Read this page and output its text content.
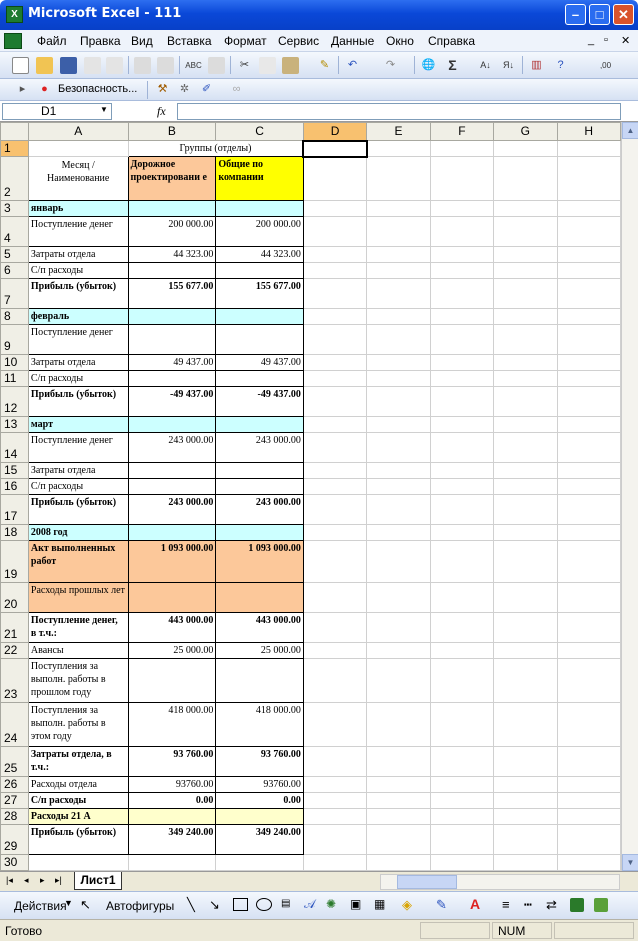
X Microsoft Excel - 111	–	□	✕
Файл Правка Вид Вставка Формат Сервис Данные Окно Справка	_ ▫ ✕
ABC	✂	✎	↶	↷	🌐 Σ	A↓	Я↓ ▥	?	,00
▸	● Безопасность...	⚒	✲	✐	∞
D1	▼	fx
	A	B	C	D	E	F	G	H
1		Группы (отделы)						
2	Месяц / Наименование	Дорожное проектировани е	Общие по компании					
3	январь							
4	Поступление денег	200 000.00	200 000.00					
5	Затраты отдела	44 323.00	44 323.00					
6	С/п расходы							
7	Прибыль (убыток)	155 677.00	155 677.00					
8	февраль							
9	Поступление денег							
10	Затраты отдела	49 437.00	49 437.00					
11	С/п расходы							
12	Прибыль (убыток)	-49 437.00	-49 437.00					
13	март							
14	Поступление денег	243 000.00	243 000.00					
15	Затраты отдела							
16	С/п расходы							
17	Прибыль (убыток)	243 000.00	243 000.00					
18	2008 год							
19	Акт выполненных работ	1 093 000.00	1 093 000.00					
20	Расходы прошлых лет							
21	Поступление денег, в т.ч.:	443 000.00	443 000.00					
22	Авансы	25 000.00	25 000.00					
23	Поступления за выполн. работы в прошлом году							
24	Поступления за выполн. работы в этом году	418 000.00	418 000.00					
25	Затраты отдела, в т.ч.:	93 760.00	93 760.00					
26	Расходы отдела	93760.00	93760.00					
27	С/п расходы	0.00	0.00					
28	Расходы 21 А							
29	Прибыль (убыток)	349 240.00	349 240.00					
30								
▲
▼
|◂ ◂ ▸ ▸|	Лист1
Действия
▼ ↖ Автофигуры ╲ ↘	▤ 𝒜 ✺ ▣ ▦ ◈ ✎ A ≡ ┅ ⇄
Готово	NUM
